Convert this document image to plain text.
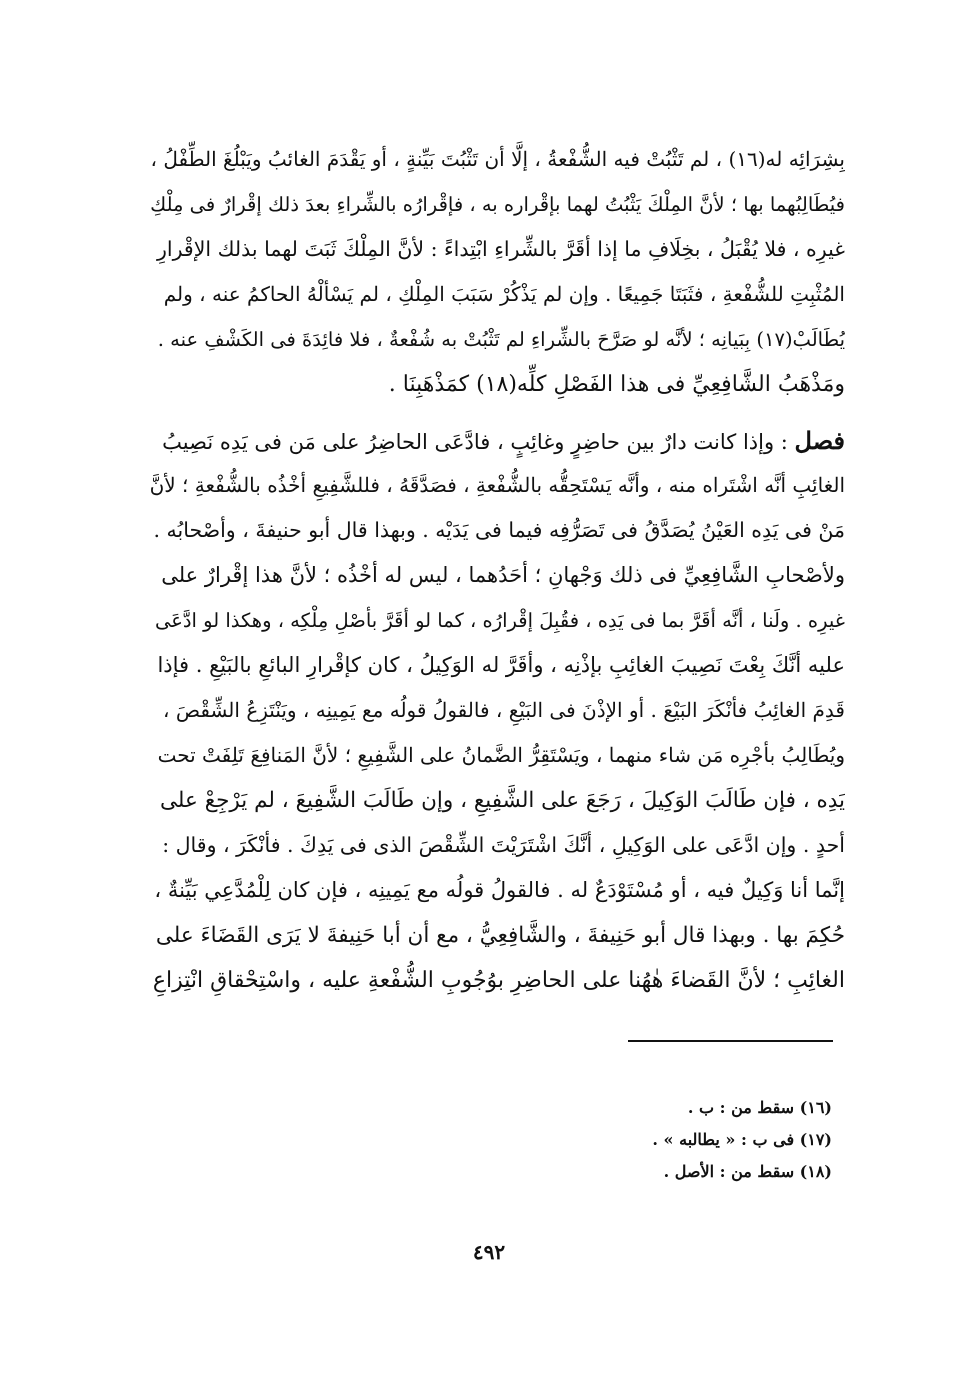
بِشِرَائِه له(١٦) ، لم تَثْبُتْ فيه الشُّفْعةُ ، إلَّا أن تَثْبُتَ بَيِّنةٍ ، أو يَقْدَمَ الغائبُ ويَبْلُغَ الطِّفْلُ ،
فيُطَالِبُهما بها ؛ لأنَّ المِلْكَ يَثْبُتُ لهما بإقْراره به ، فإقْرارُه بالشِّراءِ بعدَ ذلك إقْرارٌ فى مِلْكِ
غيرِه ، فلا يُقْبَلُ ، بخِلَافِ ما إذا أقَرَّ بالشِّراءِ ابْتِداءً : لأنَّ المِلْكَ ثَبَتَ لهما بذلك الإقْرارِ
المُثْبِتِ للشُّفْعةِ ، فثَبَتَا جَمِيعًا . وإن لم يَذْكُرْ سَبَبَ المِلْكِ ، لم يَسْألْهُ الحاكمُ عنه ، ولم
يُطَالَبْ(١٧) بِبَيانِه ؛ لأنَّه لو صَرَّحَ بالشِّراءِ لم تَثْبُتْ به شُفْعةٌ ، فلا فائِدَةَ فى الكَشْفِ عنه .
ومَذْهَبُ الشَّافِعِيِّ فى هذا الفَصْلِ كلِّه(١٨) كمَذْهَبِنَا .
فصل : وإذا كانت دارٌ بين حاضِرٍ وغائِبٍ ، فادَّعَى الحاضِرُ على مَن فى يَدِه نَصِيبُ
الغائِبِ أنَّه اشْتَراه منه ، وأنَّه يَسْتَحِقُّه بالشُّفْعةِ ، فصَدَّقَهُ ، فللشَّفِيعِ أخْذُه بالشُّفْعةِ ؛ لأنَّ
مَنْ فى يَدِه العَيْنُ يُصَدَّقُ فى تَصَرُّفِه فيما فى يَدَيْه . وبهذا قال أبو حنيفةَ ، وأصْحابُه .
ولأصْحابِ الشَّافِعِيِّ فى ذلك وَجْهانِ ؛ أحَدُهما ، ليس له أخْذُه ؛ لأنَّ هذا إقْرارٌ على
غيرِه . ولَنا ، أنَّه أقَرَّ بما فى يَدِه ، فقُبِلَ إقْرارُه ، كما لو أقَرَّ بأصْلِ مِلْكِه ، وهكذا لو ادَّعَى
عليه أنَّكَ بِعْتَ نَصِيبَ الغائِبِ بإذْنِه ، وأقَرَّ له الوَكِيلُ ، كان كإقْرارِ البائعِ بالبَيْعِ . فإذا
قَدِمَ الغائِبُ فأنْكَرَ البَيْعَ . أو الإذْنَ فى البَيْعِ ، فالقولُ قولُه مع يَمِينِه ، ويَنْتَزِعُ الشِّقْصَ ،
ويُطَالِبُ بأجْرِه مَن شاء منهما ، ويَسْتَقِرُّ الضَّمانُ على الشَّفِيعِ ؛ لأنَّ المَنافِعَ تَلِفَتْ تحت
يَدِه ، فإن طَالَبَ الوَكِيلَ ، رَجَعَ على الشَّفِيعِ ، وإن طَالَبَ الشَّفِيعَ ، لم يَرْجِعْ على
أحدٍ . وإن ادَّعَى على الوَكِيلِ ، أنَّكَ اشْتَرَيْتَ الشِّقْصَ الذى فى يَدِكَ . فأنْكَرَ ، وقال :
إنَّما أنا وَكِيلٌ فيه ، أو مُسْتَوْدَعٌ له . فالقولُ قولُه مع يَمِينِه ، فإن كان لِلْمُدَّعِي بَيِّنةٌ ،
حُكِمَ بها . وبهذا قال أبو حَنِيفةَ ، والشَّافِعِيُّ ، مع أن أبا حَنِيفةَ لا يَرَى القَضَاءَ على
الغائِبِ ؛ لأنَّ القَضاءَ هٰهُنا على الحاضِرِ بوُجُوبِ الشُّفْعةِ عليه ، واسْتِحْقاقِ انْتِزاعِ
(١٦) سقط من : ب .
(١٧) فى ب : « يطالبه » .
(١٨) سقط من : الأصل .
٤٩٢
